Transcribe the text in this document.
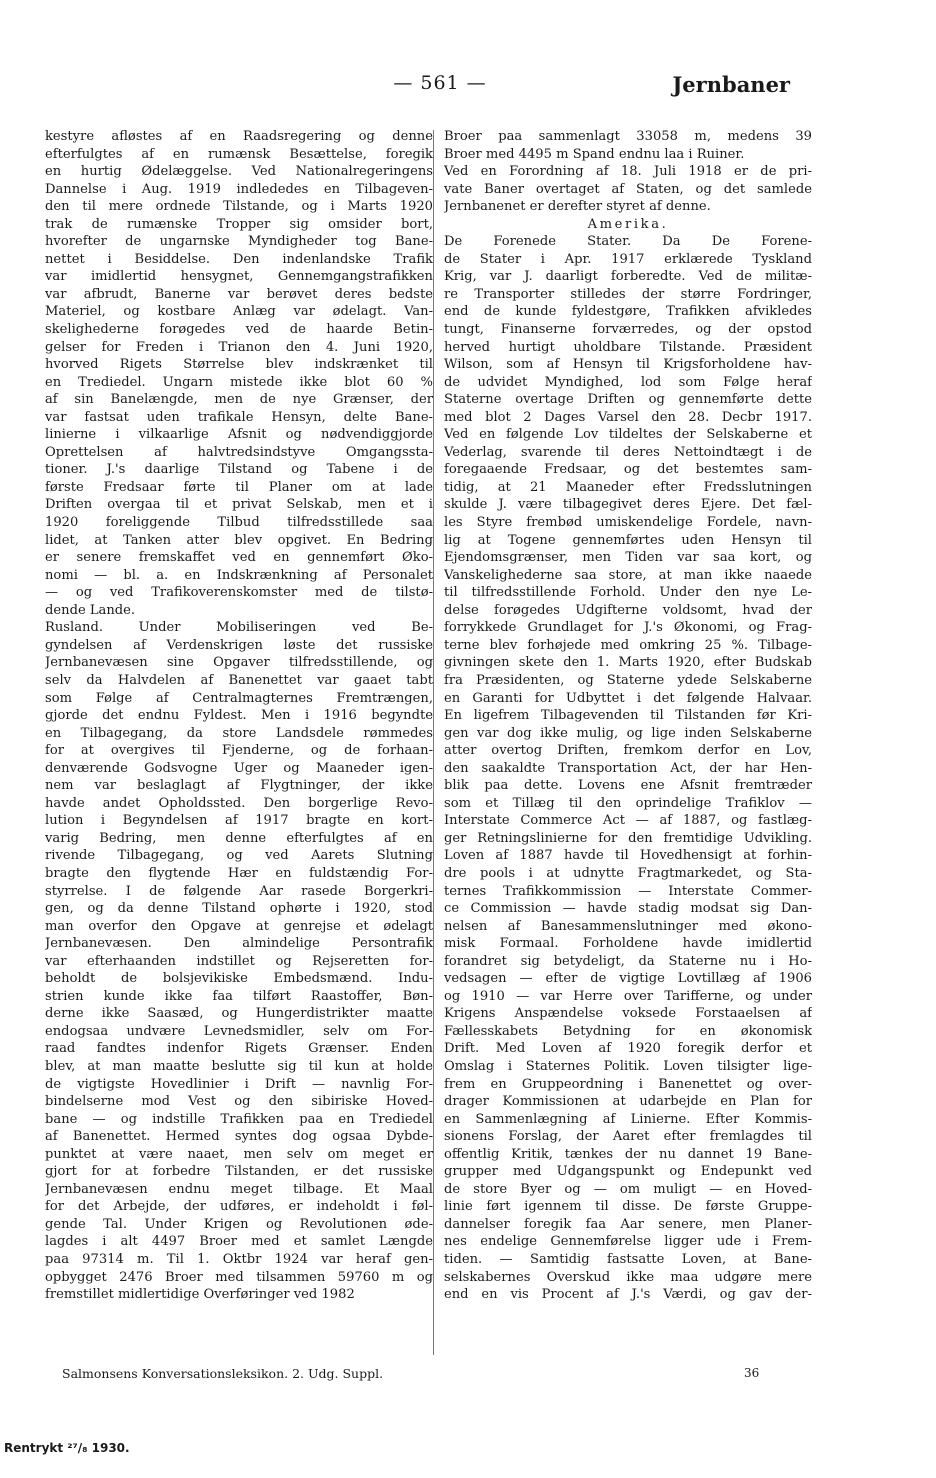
— 561 —	Jernbaner
kestyre afløstes af en Raadsregering og denne
efterfulgtes af en rumænsk Besættelse, foregik
en hurtig Ødelæggelse. Ved Nationalregeringens
Dannelse i Aug. 1919 indlededes en Tilbageven-
den til mere ordnede Tilstande, og i Marts 1920
trak de rumænske Tropper sig omsider bort,
hvorefter de ungarnske Myndigheder tog Bane-
nettet i Besiddelse. Den indenlandske Trafik
var imidlertid hensygnet, Gennemgangstrafikken
var afbrudt, Banerne var berøvet deres bedste
Materiel, og kostbare Anlæg var ødelagt. Van-
skelighederne forøgedes ved de haarde Betin-
gelser for Freden i Trianon den 4. Juni 1920,
hvorved Rigets Størrelse blev indskrænket til
en Trediedel. Ungarn mistede ikke blot 60 %
af sin Banelængde, men de nye Grænser, der
var fastsat uden trafikale Hensyn, delte Bane-
linierne i vilkaarlige Afsnit og nødvendiggjorde
Oprettelsen af halvtredsindstyve Omgangssta-
tioner. J.'s daarlige Tilstand og Tabene i de
første Fredsaar førte til Planer om at lade
Driften overgaa til et privat Selskab, men et i
1920 foreliggende Tilbud tilfredsstillede saa
lidet, at Tanken atter blev opgivet. En Bedring
er senere fremskaffet ved en gennemført Øko-
nomi — bl. a. en Indskrænkning af Personalet
— og ved Trafikoverenskomster med de tilstø-
dende Lande.
Rusland. Under Mobiliseringen ved Be-
gyndelsen af Verdenskrigen løste det russiske
Jernbanevæsen sine Opgaver tilfredsstillende, og
selv da Halvdelen af Banenettet var gaaet tabt
som Følge af Centralmagternes Fremtrængen,
gjorde det endnu Fyldest. Men i 1916 begyndte
en Tilbagegang, da store Landsdele rømmedes
for at overgives til Fjenderne, og de forhaan-
denværende Godsvogne Uger og Maaneder igen-
nem var beslaglagt af Flygtninger, der ikke
havde andet Opholdssted. Den borgerlige Revo-
lution i Begyndelsen af 1917 bragte en kort-
varig Bedring, men denne efterfulgtes af en
rivende Tilbagegang, og ved Aarets Slutning
bragte den flygtende Hær en fuldstændig For-
styrrelse. I de følgende Aar rasede Borgerkri-
gen, og da denne Tilstand ophørte i 1920, stod
man overfor den Opgave at genrejse et ødelagt
Jernbanevæsen. Den almindelige Persontrafik
var efterhaanden indstillet og Rejseretten for-
beholdt de bolsjevikiske Embedsmænd. Indu-
strien kunde ikke faa tilført Raastoffer, Bøn-
derne ikke Saasæd, og Hungerdistrikter maatte
endogsaa undvære Levnedsmidler, selv om For-
raad fandtes indenfor Rigets Grænser. Enden
blev, at man maatte beslutte sig til kun at holde
de vigtigste Hovedlinier i Drift — navnlig For-
bindelserne mod Vest og den sibiriske Hoved-
bane — og indstille Trafikken paa en Trediedel
af Banenettet. Hermed syntes dog ogsaa Dybde-
punktet at være naaet, men selv om meget er
gjort for at forbedre Tilstanden, er det russiske
Jernbanevæsen endnu meget tilbage. Et Maal
for det Arbejde, der udføres, er indeholdt i føl-
gende Tal. Under Krigen og Revolutionen øde-
lagdes i alt 4497 Broer med et samlet Længde
paa 97314 m. Til 1. Oktbr 1924 var heraf gen-
opbygget 2476 Broer med tilsammen 59760 m og
fremstillet midlertidige Overføringer ved 1982
Broer paa sammenlagt 33058 m, medens 39
Broer med 4495 m Spand endnu laa i Ruiner.
Ved en Forordning af 18. Juli 1918 er de pri-
vate Baner overtaget af Staten, og det samlede
Jernbanenet er derefter styret af denne.
Amerika.
De Forenede Stater. Da De Forene-
de Stater i Apr. 1917 erklærede Tyskland
Krig, var J. daarligt forberedte. Ved de militæ-
re Transporter stilledes der større Fordringer,
end de kunde fyldestgøre, Trafikken afvikledes
tungt, Finanserne forværredes, og der opstod
herved hurtigt uholdbare Tilstande. Præsident
Wilson, som af Hensyn til Krigsforholdene hav-
de udvidet Myndighed, lod som Følge heraf
Staterne overtage Driften og gennemførte dette
med blot 2 Dages Varsel den 28. Decbr 1917.
Ved en følgende Lov tildeltes der Selskaberne et
Vederlag, svarende til deres Nettoindtægt i de
foregaaende Fredsaar, og det bestemtes sam-
tidig, at 21 Maaneder efter Fredsslutningen
skulde J. være tilbagegivet deres Ejere. Det fæl-
les Styre frembød umiskendelige Fordele, navn-
lig at Togene gennemførtes uden Hensyn til
Ejendomsgrænser, men Tiden var saa kort, og
Vanskelighederne saa store, at man ikke naaede
til tilfredsstillende Forhold. Under den nye Le-
delse forøgedes Udgifterne voldsomt, hvad der
forrykkede Grundlaget for J.'s Økonomi, og Frag-
terne blev forhøjede med omkring 25 %. Tilbage-
givningen skete den 1. Marts 1920, efter Budskab
fra Præsidenten, og Staterne ydede Selskaberne
en Garanti for Udbyttet i det følgende Halvaar.
En ligefrem Tilbagevenden til Tilstanden før Kri-
gen var dog ikke mulig, og lige inden Selskaberne
atter overtog Driften, fremkom derfor en Lov,
den saakaldte Transportation Act, der har Hen-
blik paa dette. Lovens ene Afsnit fremtræder
som et Tillæg til den oprindelige Trafiklov —
Interstate Commerce Act — af 1887, og fastlæg-
ger Retningslinierne for den fremtidige Udvikling.
Loven af 1887 havde til Hovedhensigt at forhin-
dre pools i at udnytte Fragtmarkedet, og Sta-
ternes Trafikkommission — Interstate Commer-
ce Commission — havde stadig modsat sig Dan-
nelsen af Banesammenslutninger med økono-
misk Formaal. Forholdene havde imidlertid
forandret sig betydeligt, da Staterne nu i Ho-
vedsagen — efter de vigtige Lovtillæg af 1906
og 1910 — var Herre over Tarifferne, og under
Krigens Anspændelse voksede Forstaaelsen af
Fællesskabets Betydning for en økonomisk
Drift. Med Loven af 1920 foregik derfor et
Omslag i Staternes Politik. Loven tilsigter lige-
frem en Gruppeordning i Banenettet og over-
drager Kommissionen at udarbejde en Plan for
en Sammenlægning af Linierne. Efter Kommis-
sionens Forslag, der Aaret efter fremlagdes til
offentlig Kritik, tænkes der nu dannet 19 Bane-
grupper med Udgangspunkt og Endepunkt ved
de store Byer og — om muligt — en Hoved-
linie ført igennem til disse. De første Gruppe-
dannelser foregik faa Aar senere, men Planer-
nes endelige Gennemførelse ligger ude i Frem-
tiden. — Samtidig fastsatte Loven, at Bane-
selskabernes Overskud ikke maa udgøre mere
end en vis Procent af J.'s Værdi, og gav der-
Salmonsens Konversationsleksikon. 2. Udg. Suppl.	36
Rentrykt ²⁷/₈ 1930.
